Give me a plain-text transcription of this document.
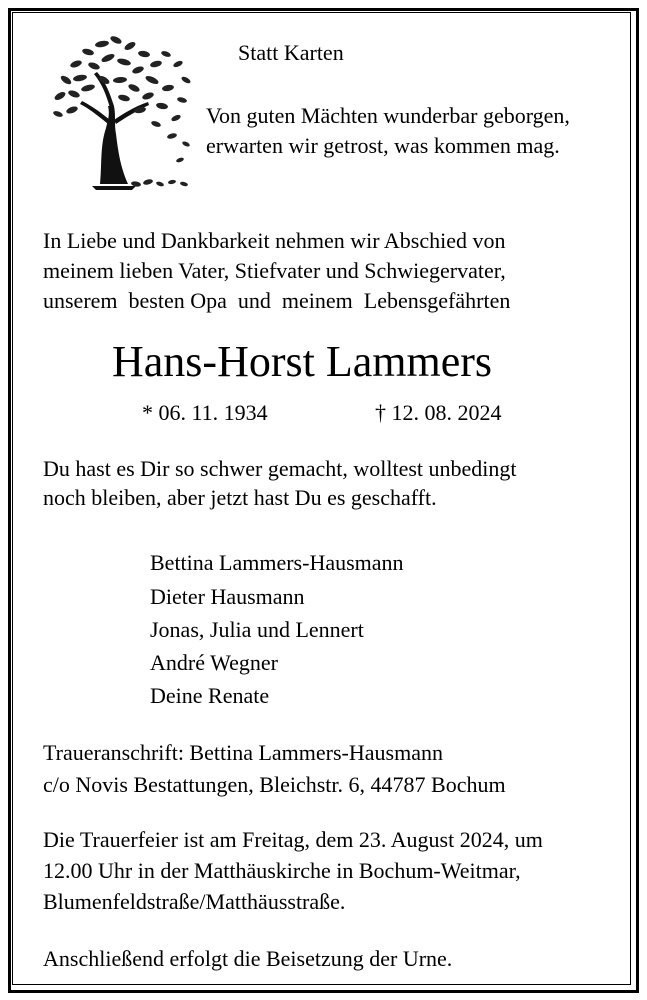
Statt Karten
Von guten Mächten wunderbar geborgen,
erwarten wir getrost, was kommen mag.
In Liebe und Dankbarkeit nehmen wir Abschied von
meinem lieben Vater, Stiefvater und Schwiegervater,
unserem  besten Opa  und  meinem  Lebensgefährten
Hans-Horst Lammers
* 06. 11. 1934	† 12. 08. 2024
Du hast es Dir so schwer gemacht, wolltest unbedingt
noch bleiben, aber jetzt hast Du es geschafft.
Bettina Lammers-Hausmann
Dieter Hausmann
Jonas, Julia und Lennert
André Wegner
Deine Renate
Traueranschrift: Bettina Lammers-Hausmann
c/o Novis Bestattungen, Bleichstr. 6, 44787 Bochum
Die Trauerfeier ist am Freitag, dem 23. August 2024, um
12.00 Uhr in der Matthäuskirche in Bochum-Weitmar,
Blumenfeldstraße/Matthäusstraße.
Anschließend erfolgt die Beisetzung der Urne.
